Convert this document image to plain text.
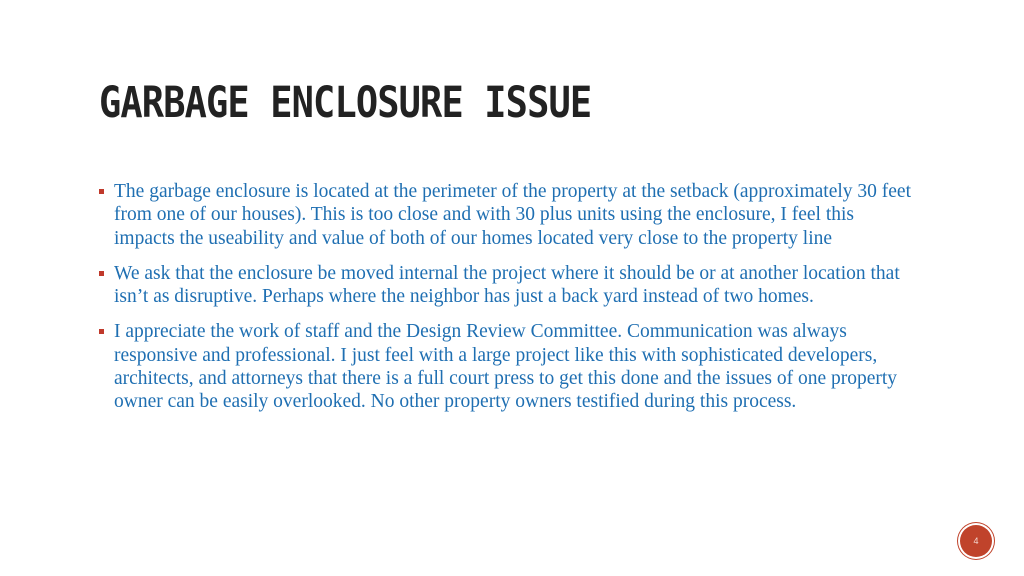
GARBAGE ENCLOSURE ISSUE
The garbage enclosure is located at the perimeter of the property at the setback (approximately 30 feet from one of our houses). This is too close and with 30 plus units using the enclosure, I feel this impacts the useability and value of both of our homes located very close to the property line
We ask that the enclosure be moved internal the project where it should be or at another location that isn’t as disruptive. Perhaps where the neighbor has just a back yard instead of two homes.
I appreciate the work of staff and the Design Review Committee. Communication was always responsive and professional. I just feel with a large project like this with sophisticated developers, architects, and attorneys that there is a full court press to get this done and the issues of one property owner can be easily overlooked. No other property owners testified during this process.
4
